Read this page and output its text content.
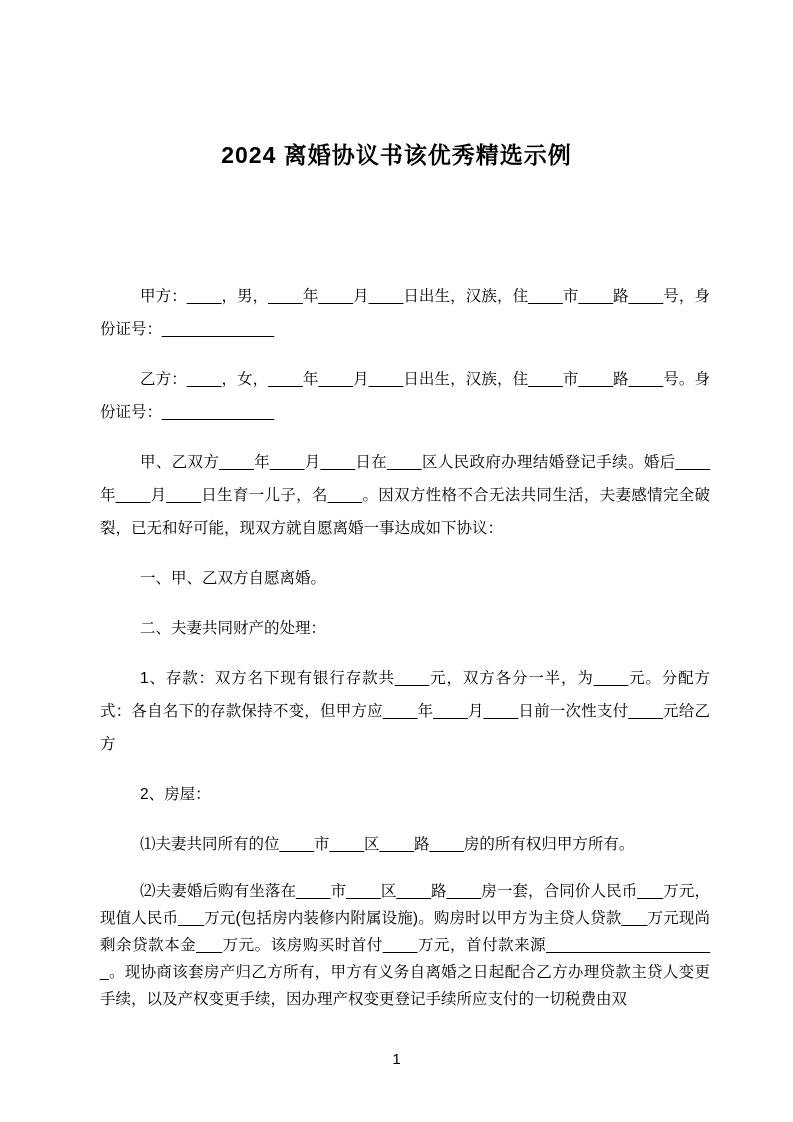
2024 离婚协议书该优秀精选示例

甲方：____，男，____年____月____日出生，汉族，住____市____路____号，身份证号：_____________

乙方：____，女，____年____月____日出生，汉族，住____市____路____号。身份证号：_____________

甲、乙双方____年____月____日在____区人民政府办理结婚登记手续。婚后____年____月____日生育一儿子，名____。因双方性格不合无法共同生活，夫妻感情完全破裂，已无和好可能，现双方就自愿离婚一事达成如下协议：

一、甲、乙双方自愿离婚。

二、夫妻共同财产的处理：

1、存款：双方名下现有银行存款共____元，双方各分一半，为____元。分配方式：各自名下的存款保持不变，但甲方应____年____月____日前一次性支付____元给乙方

2、房屋：

⑴夫妻共同所有的位____市____区____路____房的所有权归甲方所有。

⑵夫妻婚后购有坐落在____市____区____路____房一套，合同价人民币___万元，现值人民币___万元(包括房内装修内附属设施)。购房时以甲方为主贷人贷款___万元现尚剩余贷款本金___万元。该房购买时首付____万元，首付款来源____________________。现协商该套房产归乙方所有，甲方有义务自离婚之日起配合乙方办理贷款主贷人变更手续，以及产权变更手续，因办理产权变更登记手续所应支付的一切税费由双

1
